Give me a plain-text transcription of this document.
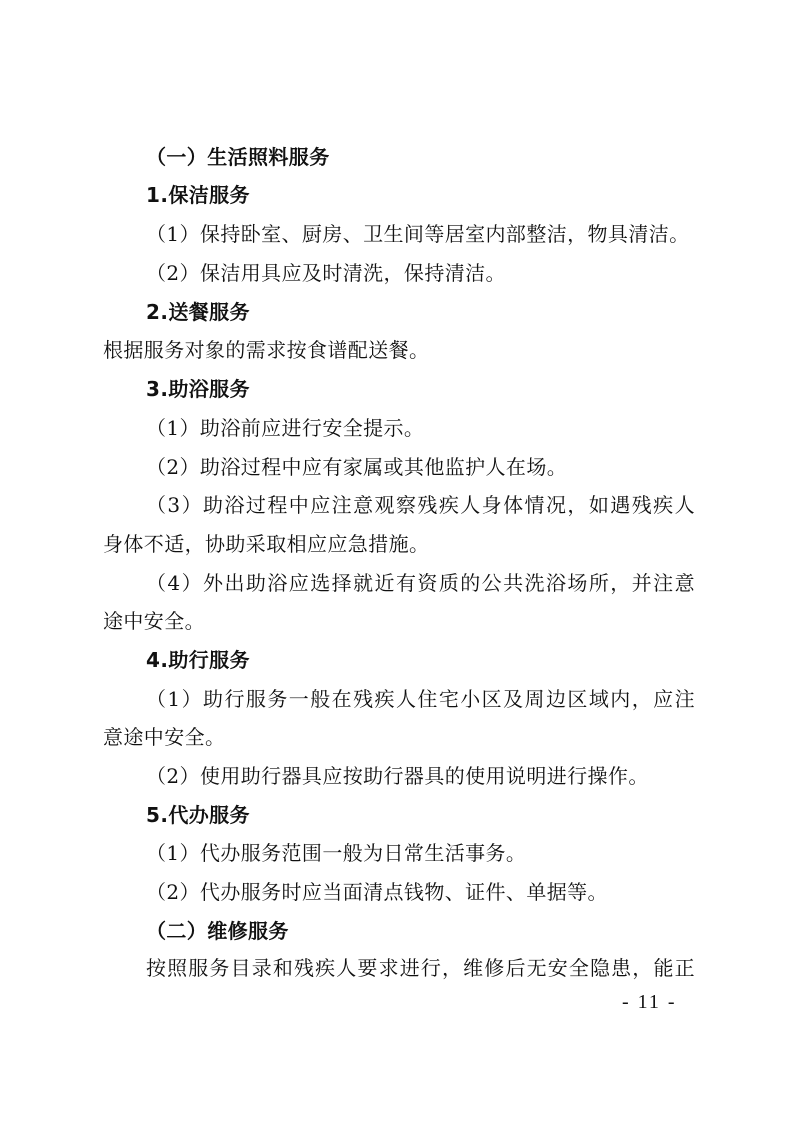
（一）生活照料服务
1.保洁服务
（1）保持卧室、厨房、卫生间等居室内部整洁，物具清洁。
（2）保洁用具应及时清洗，保持清洁。
2.送餐服务
根据服务对象的需求按食谱配送餐。
3.助浴服务
（1）助浴前应进行安全提示。
（2）助浴过程中应有家属或其他监护人在场。
（3）助浴过程中应注意观察残疾人身体情况，如遇残疾人
身体不适，协助采取相应应急措施。
（4）外出助浴应选择就近有资质的公共洗浴场所，并注意
途中安全。
4.助行服务
（1）助行服务一般在残疾人住宅小区及周边区域内，应注
意途中安全。
（2）使用助行器具应按助行器具的使用说明进行操作。
5.代办服务
（1）代办服务范围一般为日常生活事务。
（2）代办服务时应当面清点钱物、证件、单据等。
（二）维修服务
按照服务目录和残疾人要求进行，维修后无安全隐患，能正
- 11 -
